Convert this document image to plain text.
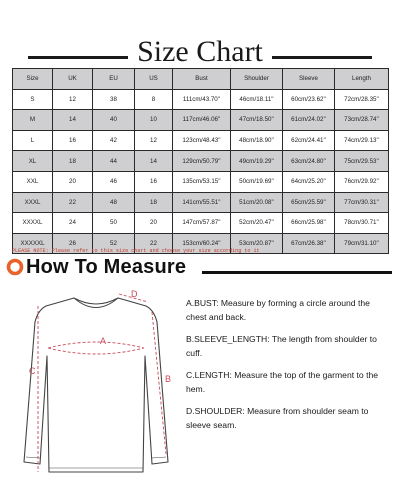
Size Chart
Size	UK	EU	US	Bust	Shoulder	Sleeve	Length
S	12	38	8	111cm/43.70''	46cm/18.11''	60cm/23.62''	72cm/28.35''
M	14	40	10	117cm/46.06''	47cm/18.50''	61cm/24.02''	73cm/28.74''
L	16	42	12	123cm/48.43''	48cm/18.90''	62cm/24.41''	74cm/29.13''
XL	18	44	14	129cm/50.79''	49cm/19.29''	63cm/24.80''	75cm/29.53''
XXL	20	46	16	135cm/53.15''	50cm/19.69''	64cm/25.20''	76cm/29.92''
XXXL	22	48	18	141cm/55.51''	51cm/20.08''	65cm/25.59''	77cm/30.31''
XXXXL	24	50	20	147cm/57.87''	52cm/20.47''	66cm/25.98''	78cm/30.71''
XXXXXL	26	52	22	153cm/60.24''	53cm/20.87''	67cm/26.38''	79cm/31.10''
PLEASE NOTE: Please refer to this size chart and choose your size according to it
How To Measure
A
B
C
D
A.BUST: Measure by forming a circle around the chest and back.
B.SLEEVE_LENGTH: The length from shoulder to cuff.
C.LENGTH: Measure the top of the garment to the hem.
D.SHOULDER: Measure from shoulder seam to sleeve seam.
